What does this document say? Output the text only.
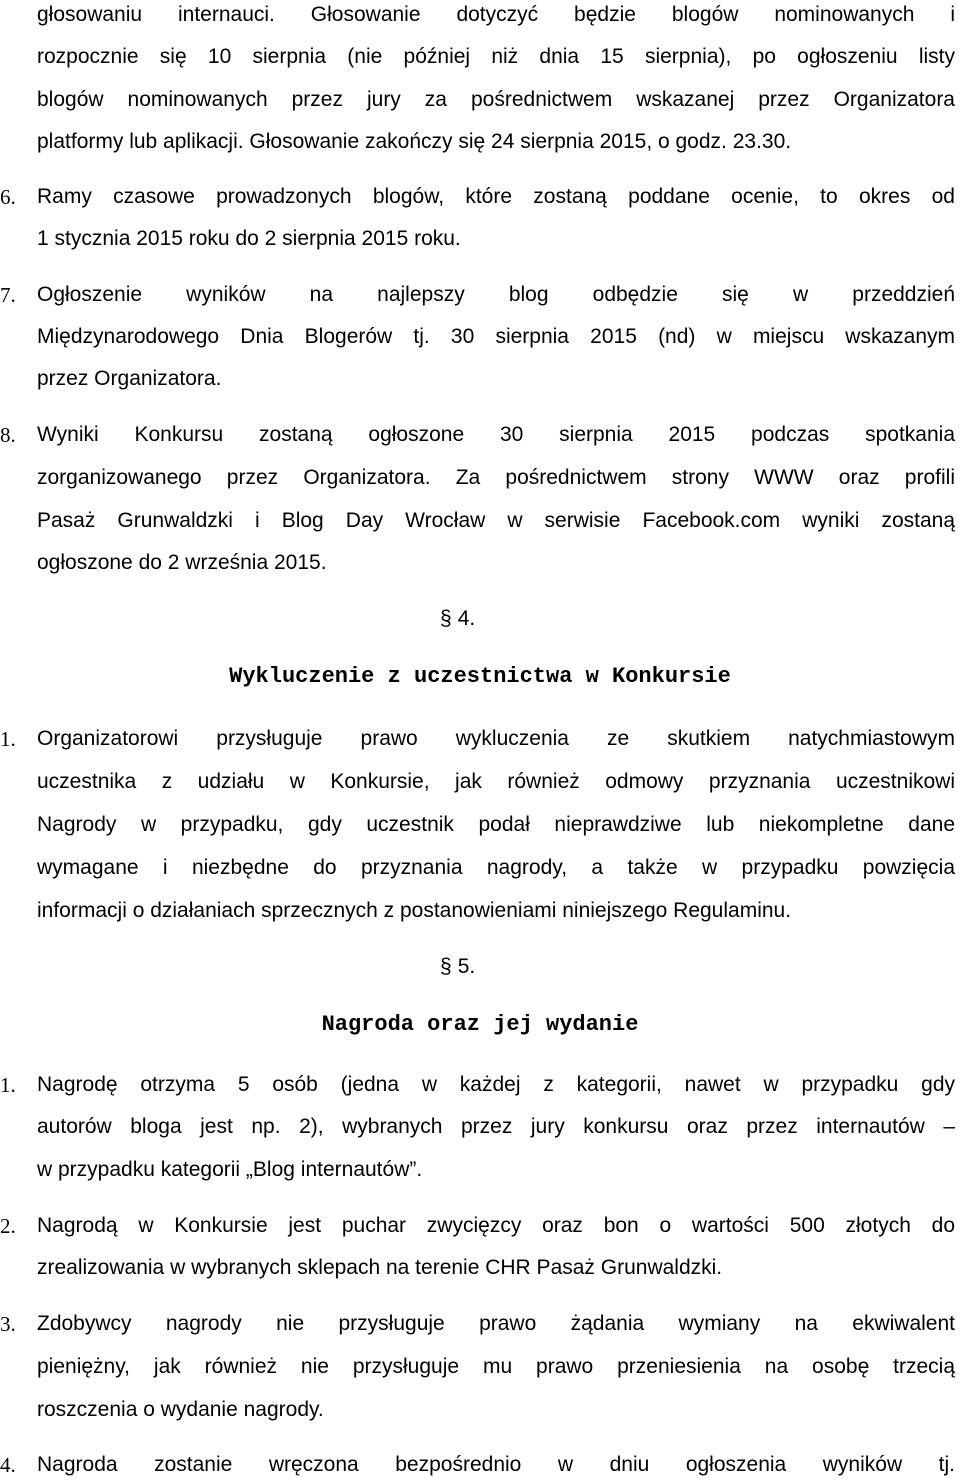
głosowaniu internauci. Głosowanie dotyczyć będzie blogów nominowanych i
rozpocznie się 10 sierpnia (nie później niż dnia 15 sierpnia), po ogłoszeniu listy
blogów nominowanych przez jury za pośrednictwem wskazanej przez Organizatora
platformy lub aplikacji. Głosowanie zakończy się 24 sierpnia 2015, o godz. 23.30.
6.	Ramy czasowe prowadzonych blogów, które zostaną poddane ocenie, to okres od
1 stycznia 2015 roku do 2 sierpnia 2015 roku.
7.	Ogłoszenie wyników na najlepszy blog odbędzie się w przeddzień
Międzynarodowego Dnia Blogerów tj. 30 sierpnia 2015 (nd) w miejscu wskazanym
przez Organizatora.
8.	Wyniki Konkursu zostaną ogłoszone 30 sierpnia 2015 podczas spotkania
zorganizowanego przez Organizatora. Za pośrednictwem strony WWW oraz profili
Pasaż Grunwaldzki i Blog Day Wrocław w serwisie Facebook.com wyniki zostaną
ogłoszone do 2 września 2015.
§ 4.
Wykluczenie z uczestnictwa w Konkursie
1.	Organizatorowi przysługuje prawo wykluczenia ze skutkiem natychmiastowym
uczestnika z udziału w Konkursie, jak również odmowy przyznania uczestnikowi
Nagrody w przypadku, gdy uczestnik podał nieprawdziwe lub niekompletne dane
wymagane i niezbędne do przyznania nagrody, a także w przypadku powzięcia
informacji o działaniach sprzecznych z postanowieniami niniejszego Regulaminu.
§ 5.
Nagroda oraz jej wydanie
1.	Nagrodę otrzyma 5 osób (jedna w każdej z kategorii, nawet w przypadku gdy
autorów bloga jest np. 2), wybranych przez jury konkursu oraz przez internautów –
w przypadku kategorii „Blog internautów”.
2.	Nagrodą w Konkursie jest puchar zwycięzcy oraz bon o wartości 500 złotych do
zrealizowania w wybranych sklepach na terenie CHR Pasaż Grunwaldzki.
3.	Zdobywcy nagrody nie przysługuje prawo żądania wymiany na ekwiwalent
pieniężny, jak również nie przysługuje mu prawo przeniesienia na osobę trzecią
roszczenia o wydanie nagrody.
4.	Nagroda zostanie wręczona bezpośrednio w dniu ogłoszenia wyników tj.
